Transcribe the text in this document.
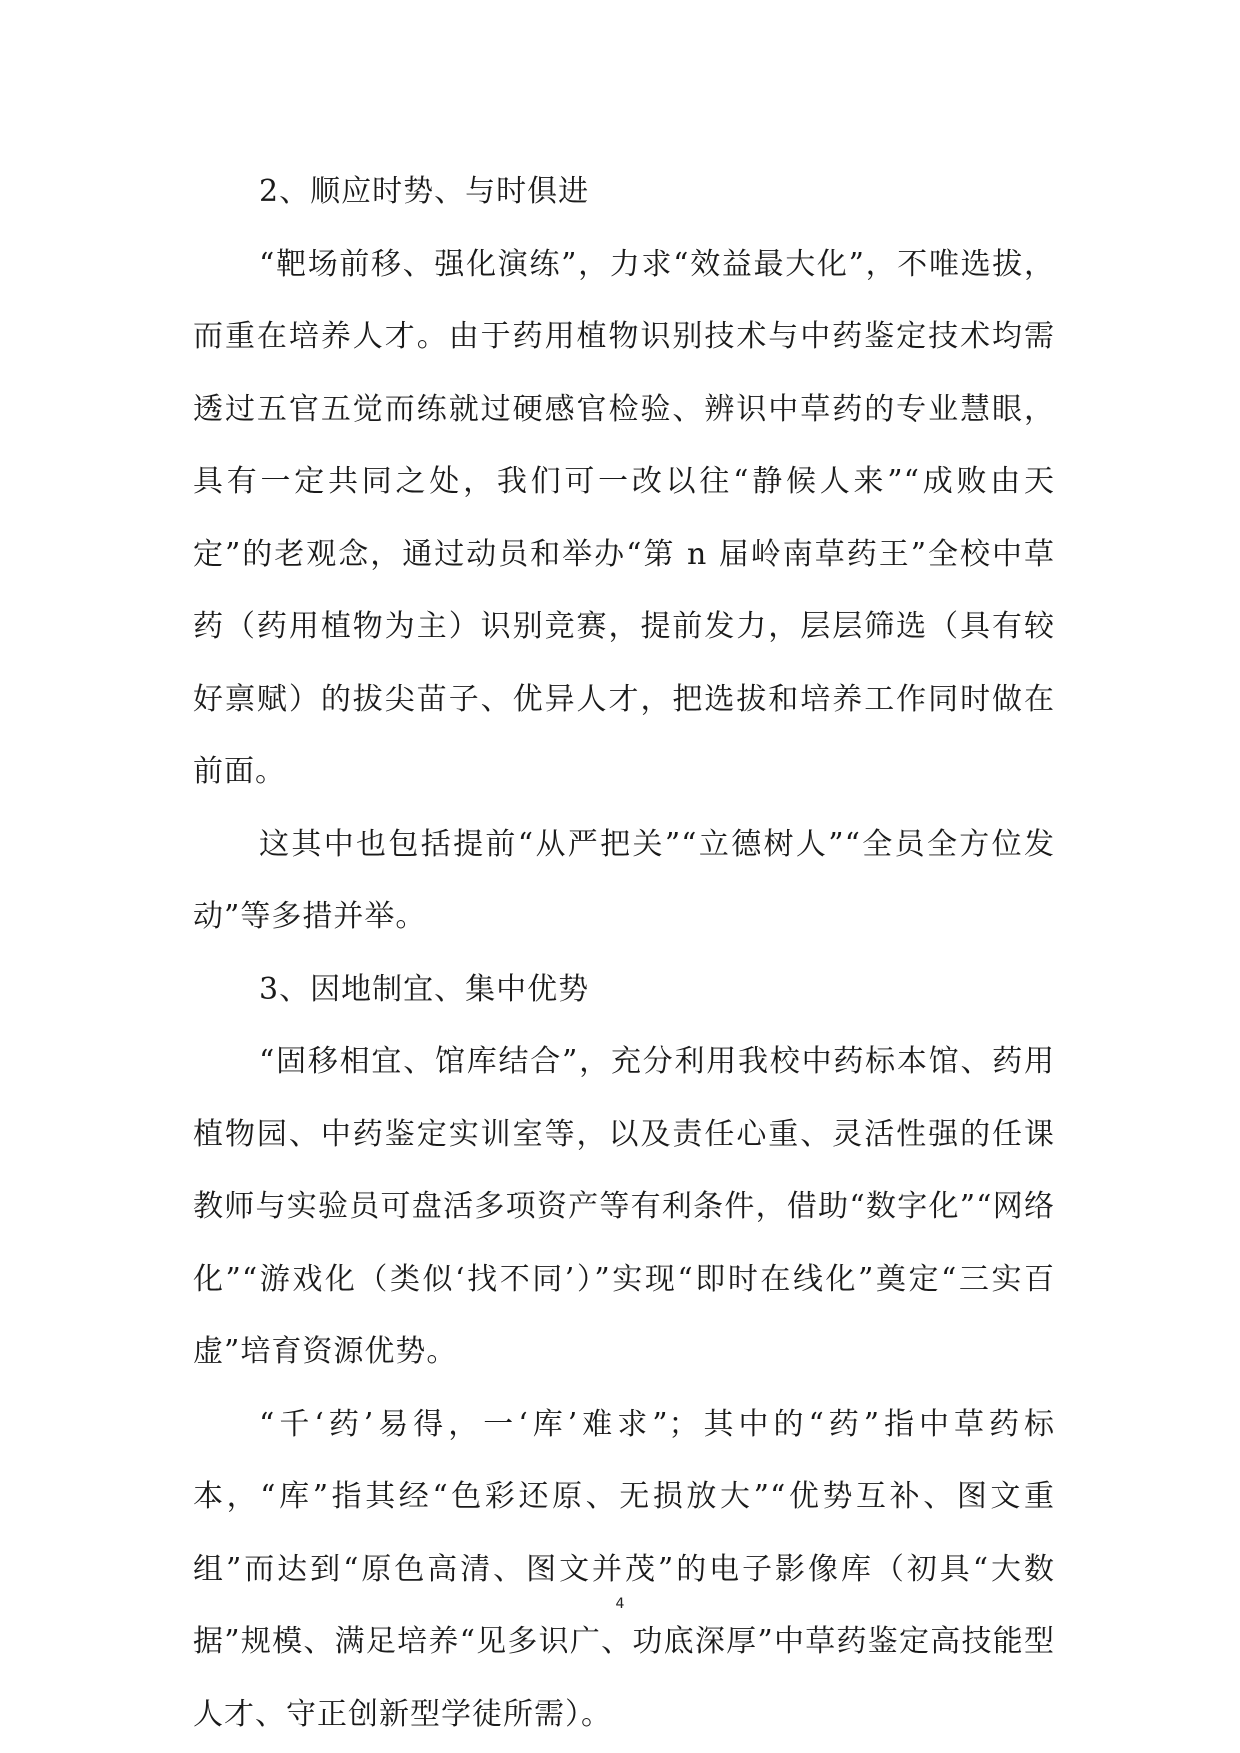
2、顺应时势、与时俱进

“靶场前移、强化演练”，力求“效益最大化”，不唯选拔，而重在培养人才。由于药用植物识别技术与中药鉴定技术均需透过五官五觉而练就过硬感官检验、辨识中草药的专业慧眼，具有一定共同之处，我们可一改以往“静候人来”“成败由天定”的老观念，通过动员和举办“第 n 届岭南草药王”全校中草药（药用植物为主）识别竞赛，提前发力，层层筛选（具有较好禀赋）的拔尖苗子、优异人才，把选拔和培养工作同时做在前面。

这其中也包括提前“从严把关”“立德树人”“全员全方位发动”等多措并举。

3、因地制宜、集中优势

“固移相宜、馆库结合”，充分利用我校中药标本馆、药用植物园、中药鉴定实训室等，以及责任心重、灵活性强的任课教师与实验员可盘活多项资产等有利条件，借助“数字化”“网络化”“游戏化（类似‘找不同’）”实现“即时在线化”奠定“三实百虚”培育资源优势。

“千‘药’易得，一‘库’难求”；其中的“药”指中草药标本，“库”指其经“色彩还原、无损放大”“优势互补、图文重组”而达到“原色高清、图文并茂”的电子影像库（初具“大数据”规模、满足培养“见多识广、功底深厚”中草药鉴定高技能型人才、守正创新型学徒所需）。

4
